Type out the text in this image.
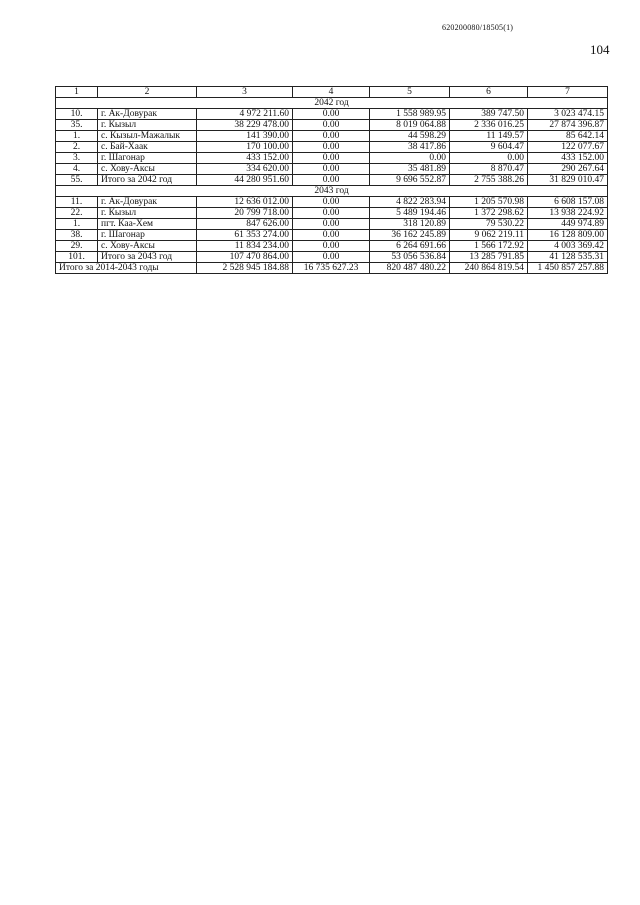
620200080/18505(1)
104
1	2	3	4	5	6	7
2042 год						
10.	г. Ак-Довурак	4 972 211.60	0.00	1 558 989.95	389 747.50	3 023 474.15
35.	г. Кызыл	38 229 478.00	0.00	8 019 064.88	2 336 016.25	27 874 396.87
1.	с. Кызыл-Мажалык	141 390.00	0.00	44 598.29	11 149.57	85 642.14
2.	с. Бай-Хаак	170 100.00	0.00	38 417.86	9 604.47	122 077.67
3.	г. Шагонар	433 152.00	0.00	0.00	0.00	433 152.00
4.	с. Хову-Аксы	334 620.00	0.00	35 481.89	8 870.47	290 267.64
55.	Итого за 2042 год	44 280 951.60	0.00	9 696 552.87	2 755 388.26	31 829 010.47
2043 год						
11.	г. Ак-Довурак	12 636 012.00	0.00	4 822 283.94	1 205 570.98	6 608 157.08
22.	г. Кызыл	20 799 718.00	0.00	5 489 194.46	1 372 298.62	13 938 224.92
1.	пгт. Каа-Хем	847 626.00	0.00	318 120.89	79 530.22	449 974.89
38.	г. Шагонар	61 353 274.00	0.00	36 162 245.89	9 062 219.11	16 128 809.00
29.	с. Хову-Аксы	11 834 234.00	0.00	6 264 691.66	1 566 172.92	4 003 369.42
101.	Итого за 2043 год	107 470 864.00	0.00	53 056 536.84	13 285 791.85	41 128 535.31
Итого за 2014-2043 годы		2 528 945 184.88	16 735 627.23	820 487 480.22	240 864 819.54	1 450 857 257.88
